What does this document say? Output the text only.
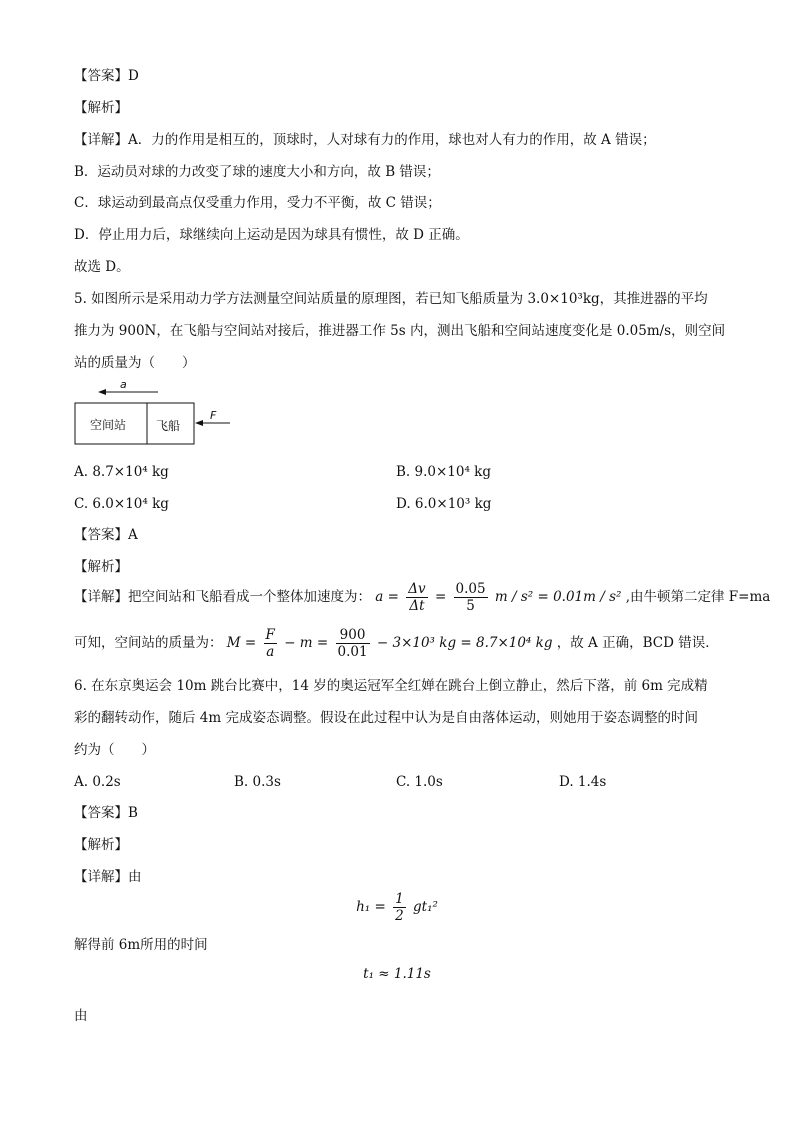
【答案】D
【解析】
【详解】A．力的作用是相互的，顶球时，人对球有力的作用，球也对人有力的作用，故 A 错误；
B．运动员对球的力改变了球的速度大小和方向，故 B 错误；
C．球运动到最高点仅受重力作用，受力不平衡，故 C 错误；
D．停止用力后，球继续向上运动是因为球具有惯性，故 D 正确。
故选 D。
5. 如图所示是采用动力学方法测量空间站质量的原理图，若已知飞船质量为 3.0×10³kg，其推进器的平均
推力为 900N，在飞船与空间站对接后，推进器工作 5s 内，测出飞船和空间站速度变化是 0.05m/s，则空间
站的质量为（　　）
a
空间站 飞船
F
A. 8.7×10⁴ kg	B. 9.0×10⁴ kg
C. 6.0×10⁴ kg	D. 6.0×10³ kg
【答案】A
【解析】
【详解】把空间站和飞船看成一个整体加速度为： $a = \frac{\Delta v}{\Delta t} = \frac{0.05}{5}$ m / s² = 0.01m / s² ,由牛顿第二定律 F=ma
可知，空间站的质量为： $M = \frac{F}{a} - m = \frac{900}{0.01} - 3\times 10^3$ kg = 8.7×10⁴ kg ，故 A 正确，BCD 错误．
6. 在东京奥运会 10m 跳台比赛中，14 岁的奥运冠军全红婵在跳台上倒立静止，然后下落，前 6m 完成精
彩的翻转动作，随后 4m 完成姿态调整。假设在此过程中认为是自由落体运动，则她用于姿态调整的时间
约为（　　）
A. 0.2s	B. 0.3s	C. 1.0s	D. 1.4s
【答案】B
【解析】
【详解】由
$h_1 = \frac{1}{2} gt_1^2$
解得前 6m所用的时间
t₁ ≈ 1.11s
由
